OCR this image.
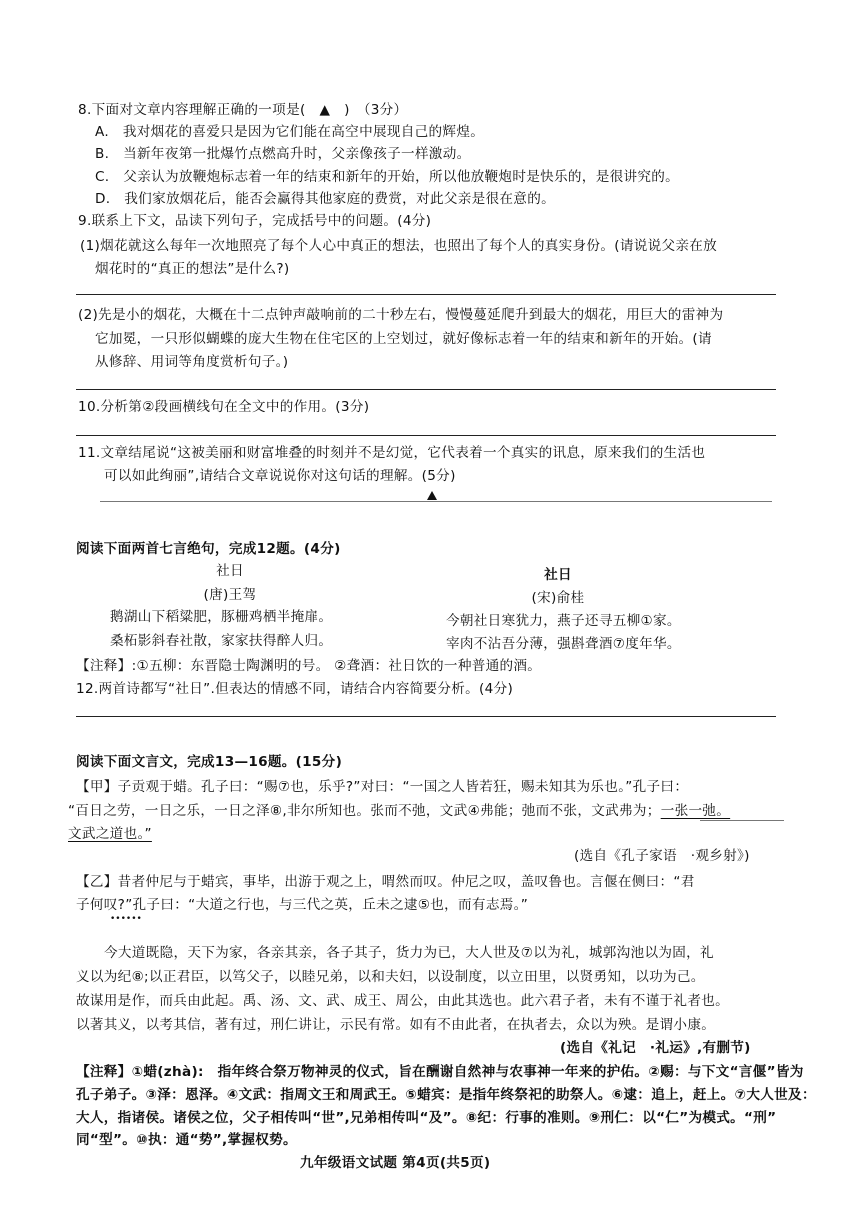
8.下面对文章内容理解正确的一项是(　▲　)　（3分）
A.　我对烟花的喜爱只是因为它们能在高空中展现自己的辉煌。
B.　当新年夜第一批爆竹点燃高升时，父亲像孩子一样激动。
C.　父亲认为放鞭炮标志着一年的结束和新年的开始，所以他放鞭炮时是快乐的，是很讲究的。
D.　我们家放烟花后，能否会赢得其他家庭的费赏，对此父亲是很在意的。
9.联系上下文，品读下列句子，完成括号中的问题。(4分)
(1)烟花就这么每年一次地照亮了每个人心中真正的想法，也照出了每个人的真实身份。(请说说父亲在放
烟花时的“真正的想法”是什么?)
(2)先是小的烟花，大概在十二点钟声敲响前的二十秒左右，慢慢蔓延爬升到最大的烟花，用巨大的雷神为
它加冕，一只形似蝴蝶的庞大生物在住宅区的上空划过，就好像标志着一年的结束和新年的开始。(请
从修辞、用词等角度赏析句子。)
10.分析第②段画横线句在全文中的作用。(3分)
11.文章结尾说“这被美丽和财富堆叠的时刻并不是幻觉，它代表着一个真实的讯息，原来我们的生活也
可以如此绚丽”,请结合文章说说你对这句话的理解。(5分)
阅读下面两首七言绝句，完成12题。(4分)
社日
(唐)王驾
鹅湖山下稻粱肥，豚栅鸡栖半掩扉。
桑柘影斜春社散，家家扶得醉人归。
社日
(宋)俞桂
今朝社日寒犹力，燕子还寻五柳①家。
宰肉不沾吾分薄，强斟聋酒⑦度年华。
【注释】:①五柳：东晋隐士陶渊明的号。 ②聋酒：社日饮的一种普通的酒。
12.两首诗都写“社日”.但表达的情感不同，请结合内容简要分析。(4分)
阅读下面文言文，完成13—16题。(15分)
【甲】子贡观于蜡。孔子曰：“赐⑦也，乐乎?”对曰：“一国之人皆若狂，赐未知其为乐也。”孔子曰：
“百日之劳，一日之乐，一日之泽⑧,非尔所知也。张而不弛，文武④弗能；弛而不张，文武弗为；一张一弛。
文武之道也。”
(选自《孔子家语　·观乡射》)
【乙】昔者仲尼与于蜡宾，事毕，出游于观之上，喟然而叹。仲尼之叹，盖叹鲁也。言偃在侧曰：“君
子何叹?”孔子曰：“大道之行也，与三代之英，丘未之逮⑤也，而有志焉。”
••••••
今大道既隐，天下为家，各亲其亲，各子其子，货力为已，大人世及⑦以为礼，城郭沟池以为固，礼
义以为纪⑧;以正君臣，以笃父子，以睦兄弟，以和夫妇，以设制度，以立田里，以贤勇知，以功为己。
故谋用是作，而兵由此起。禹、汤、文、武、成王、周公，由此其选也。此六君子者，未有不谨于礼者也。
以著其义，以考其信，著有过，刑仁讲让，示民有常。如有不由此者，在执者去，众以为殃。是谓小康。
(选自《礼记　·礼运》,有删节)
【注释】①蜡(zhà):　指年终合祭万物神灵的仪式，旨在酬谢自然神与农事神一年来的护佑。②赐：与下文“言偃”皆为
孔子弟子。③泽：恩泽。④文武：指周文王和周武王。⑤蜡宾：是指年终祭祀的助祭人。⑥逮：追上，赶上。⑦大人世及：
大人，指诸侯。诸侯之位，父子相传叫“世”,兄弟相传叫“及”。⑧纪：行事的准则。⑨刑仁：以“仁”为模式。“刑”
同“型”。⑩执：通“势”,掌握权势。
九年级语文试题 第4页(共5页)
